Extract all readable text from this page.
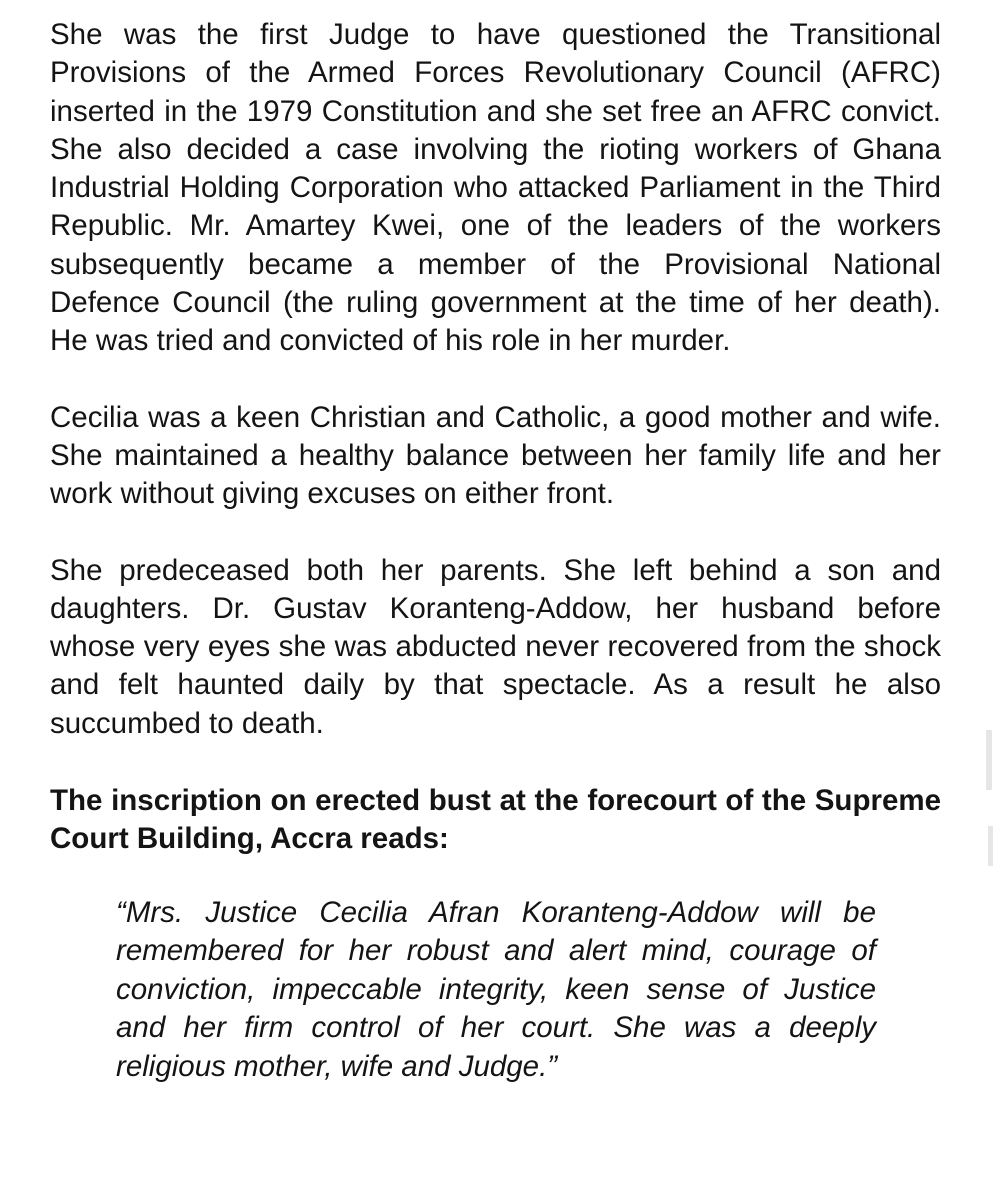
She was the first Judge to have questioned the Transitional Provisions of the Armed Forces Revolutionary Council (AFRC) inserted in the 1979 Constitution and she set free an AFRC convict. She also decided a case involving the rioting workers of Ghana Industrial Holding Corporation who attacked Parliament in the Third Republic. Mr. Amartey Kwei, one of the leaders of the workers subsequently became a member of the Provisional National Defence Council (the ruling government at the time of her death). He was tried and convicted of his role in her murder.

Cecilia was a keen Christian and Catholic, a good mother and wife. She maintained a healthy balance between her family life and her work without giving excuses on either front.

She predeceased both her parents. She left behind a son and daughters. Dr. Gustav Koranteng-Addow, her husband before whose very eyes she was abducted never recovered from the shock and felt haunted daily by that spectacle. As a result he also succumbed to death.

The inscription on erected bust at the forecourt of the Supreme Court Building, Accra reads:

“Mrs. Justice Cecilia Afran Koranteng-Addow will be remembered for her robust and alert mind, courage of conviction, impeccable integrity, keen sense of Justice and her firm control of her court. She was a deeply religious mother, wife and Judge.”
